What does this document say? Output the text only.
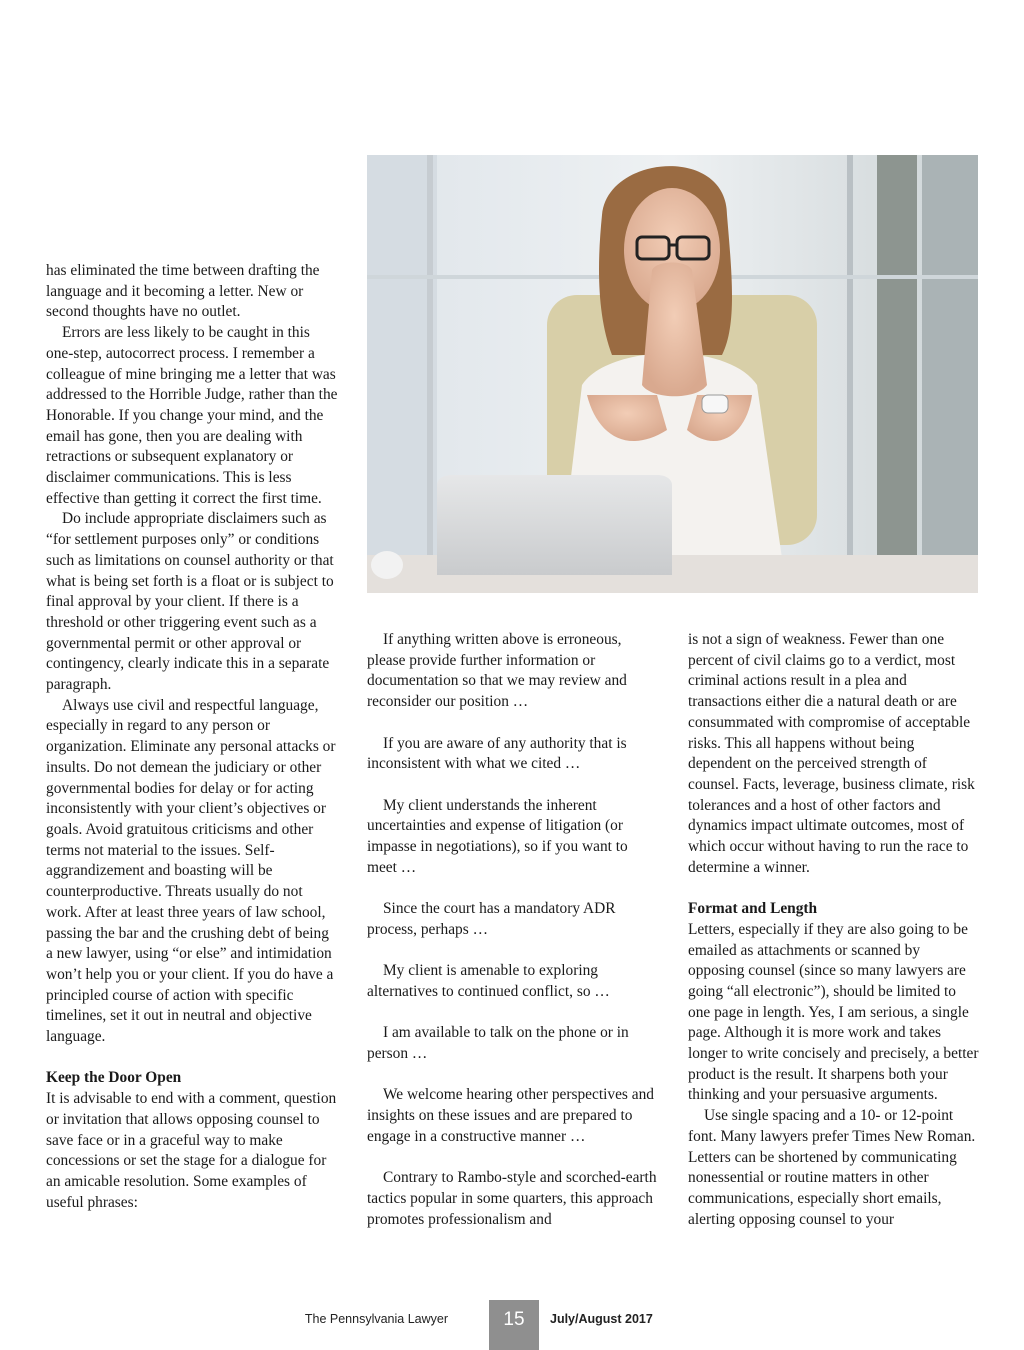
has eliminated the time between drafting the language and it becoming a letter. New or second thoughts have no outlet.

Errors are less likely to be caught in this one-step, autocorrect process. I remember a colleague of mine bringing me a letter that was addressed to the Horrible Judge, rather than the Honorable. If you change your mind, and the email has gone, then you are dealing with retractions or subsequent explanatory or disclaimer communications. This is less effective than getting it correct the first time.

Do include appropriate disclaimers such as “for settlement purposes only” or conditions such as limitations on counsel authority or that what is being set forth is a float or is subject to final approval by your client. If there is a threshold or other triggering event such as a governmental permit or other approval or contingency, clearly indicate this in a separate paragraph.

Always use civil and respectful language, especially in regard to any person or organization. Eliminate any personal attacks or insults. Do not demean the judiciary or other governmental bodies for delay or for acting inconsistently with your client’s objectives or goals. Avoid gratuitous criticisms and other terms not material to the issues. Self-aggrandizement and boasting will be counterproductive. Threats usually do not work. After at least three years of law school, passing the bar and the crushing debt of being a new lawyer, using “or else” and intimidation won’t help you or your client. If you do have a principled course of action with specific timelines, set it out in neutral and objective language.

Keep the Door Open

It is advisable to end with a comment, question or invitation that allows opposing counsel to save face or in a graceful way to make concessions or set the stage for a dialogue for an amicable resolution. Some examples of useful phrases:

If anything written above is erroneous, please provide further information or documentation so that we may review and reconsider our position …

If you are aware of any authority that is inconsistent with what we cited …

My client understands the inherent uncertainties and expense of litigation (or impasse in negotiations), so if you want to meet …

Since the court has a mandatory ADR process, perhaps …

My client is amenable to exploring alternatives to continued conflict, so …

I am available to talk on the phone or in person …

We welcome hearing other perspectives and insights on these issues and are prepared to engage in a constructive manner …

Contrary to Rambo-style and scorched-earth tactics popular in some quarters, this approach promotes professionalism and

is not a sign of weakness. Fewer than one percent of civil claims go to a verdict, most criminal actions result in a plea and transactions either die a natural death or are consummated with compromise of acceptable risks. This all happens without being dependent on the perceived strength of counsel. Facts, leverage, business climate, risk tolerances and a host of other factors and dynamics impact ultimate outcomes, most of which occur without having to run the race to determine a winner.

Format and Length

Letters, especially if they are also going to be emailed as attachments or scanned by opposing counsel (since so many lawyers are going “all electronic”), should be limited to one page in length. Yes, I am serious, a single page. Although it is more work and takes longer to write concisely and precisely, a better product is the result. It sharpens both your thinking and your persuasive arguments.

Use single spacing and a 10- or 12-point font. Many lawyers prefer Times New Roman. Letters can be shortened by communicating nonessential or routine matters in other communications, especially short emails, alerting opposing counsel to your

The Pennsylvania Lawyer	15	July/August 2017
